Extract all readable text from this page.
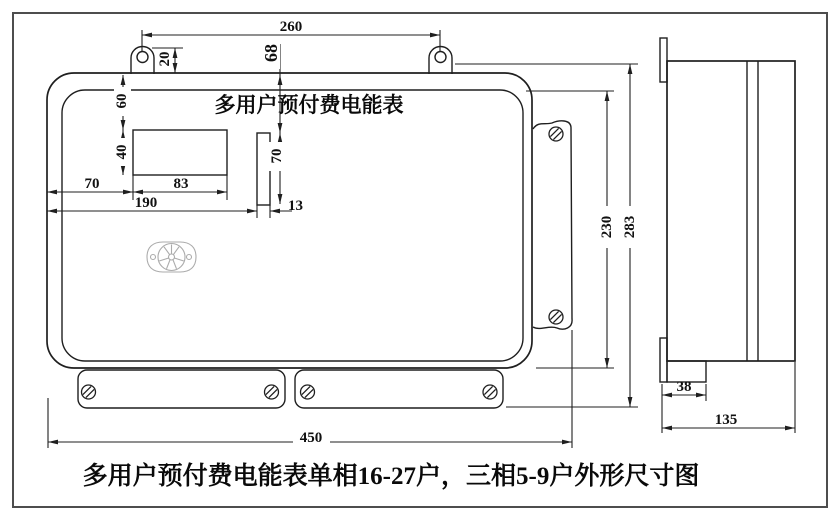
260
20	68
70
60
40
70	83
190	13
230 283
450
38
135
多用户预付费电能表
多用户预付费电能表单相16-27户，三相5-9户外形尺寸图
